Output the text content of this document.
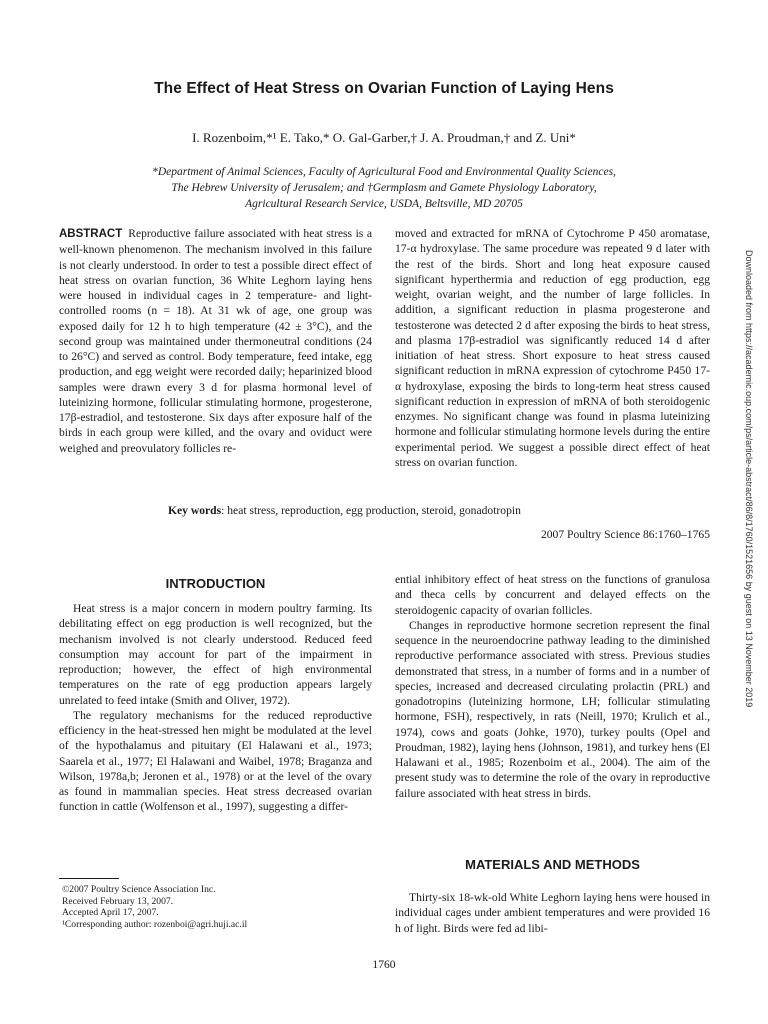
The Effect of Heat Stress on Ovarian Function of Laying Hens
I. Rozenboim,*¹ E. Tako,* O. Gal-Garber,† J. A. Proudman,† and Z. Uni*
*Department of Animal Sciences, Faculty of Agricultural Food and Environmental Quality Sciences,
The Hebrew University of Jerusalem; and †Germplasm and Gamete Physiology Laboratory,
Agricultural Research Service, USDA, Beltsville, MD 20705

ABSTRACT Reproductive failure associated with heat stress is a well-known phenomenon. The mechanism involved in this failure is not clearly understood. In order to test a possible direct effect of heat stress on ovarian function, 36 White Leghorn laying hens were housed in individual cages in 2 temperature- and light-controlled rooms (n = 18). At 31 wk of age, one group was exposed daily for 12 h to high temperature (42 ± 3°C), and the second group was maintained under thermoneutral conditions (24 to 26°C) and served as control. Body temperature, feed intake, egg production, and egg weight were recorded daily; heparinized blood samples were drawn every 3 d for plasma hormonal level of luteinizing hormone, follicular stimulating hormone, progesterone, 17β-estradiol, and testosterone. Six days after exposure half of the birds in each group were killed, and the ovary and oviduct were weighed and preovulatory follicles re-

moved and extracted for mRNA of Cytochrome P 450 aromatase, 17-α hydroxylase. The same procedure was repeated 9 d later with the rest of the birds. Short and long heat exposure caused significant hyperthermia and reduction of egg production, egg weight, ovarian weight, and the number of large follicles. In addition, a significant reduction in plasma progesterone and testosterone was detected 2 d after exposing the birds to heat stress, and plasma 17β-estradiol was significantly reduced 14 d after initiation of heat stress. Short exposure to heat stress caused significant reduction in mRNA expression of cytochrome P450 17-α hydroxylase, exposing the birds to long-term heat stress caused significant reduction in expression of mRNA of both steroidogenic enzymes. No significant change was found in plasma luteinizing hormone and follicular stimulating hormone levels during the entire experimental period. We suggest a possible direct effect of heat stress on ovarian function.

Key words: heat stress, reproduction, egg production, steroid, gonadotropin
2007 Poultry Science 86:1760–1765
INTRODUCTION

Heat stress is a major concern in modern poultry farming. Its debilitating effect on egg production is well recognized, but the mechanism involved is not clearly understood. Reduced feed consumption may account for part of the impairment in reproduction; however, the effect of high environmental temperatures on the rate of egg production appears largely unrelated to feed intake (Smith and Oliver, 1972).

The regulatory mechanisms for the reduced reproductive efficiency in the heat-stressed hen might be modulated at the level of the hypothalamus and pituitary (El Halawani et al., 1973; Saarela et al., 1977; El Halawani and Waibel, 1978; Braganza and Wilson, 1978a,b; Jeronen et al., 1978) or at the level of the ovary as found in mammalian species. Heat stress decreased ovarian function in cattle (Wolfenson et al., 1997), suggesting a differ-

ential inhibitory effect of heat stress on the functions of granulosa and theca cells by concurrent and delayed effects on the steroidogenic capacity of ovarian follicles.

Changes in reproductive hormone secretion represent the final sequence in the neuroendocrine pathway leading to the diminished reproductive performance associated with stress. Previous studies demonstrated that stress, in a number of forms and in a number of species, increased and decreased circulating prolactin (PRL) and gonadotropins (luteinizing hormone, LH; follicular stimulating hormone, FSH), respectively, in rats (Neill, 1970; Krulich et al., 1974), cows and goats (Johke, 1970), turkey poults (Opel and Proudman, 1982), laying hens (Johnson, 1981), and turkey hens (El Halawani et al., 1985; Rozenboim et al., 2004). The aim of the present study was to determine the role of the ovary in reproductive failure associated with heat stress in birds.

MATERIALS AND METHODS

Thirty-six 18-wk-old White Leghorn laying hens were housed in individual cages under ambient temperatures and were provided 16 h of light. Birds were fed ad libi-

©2007 Poultry Science Association Inc.
Received February 13, 2007.
Accepted April 17, 2007.
¹Corresponding author: rozenboi@agri.huji.ac.il
1760
Downloaded from https://academic.oup.com/ps/article-abstract/86/8/1760/1521656 by guest on 13 November 2019
